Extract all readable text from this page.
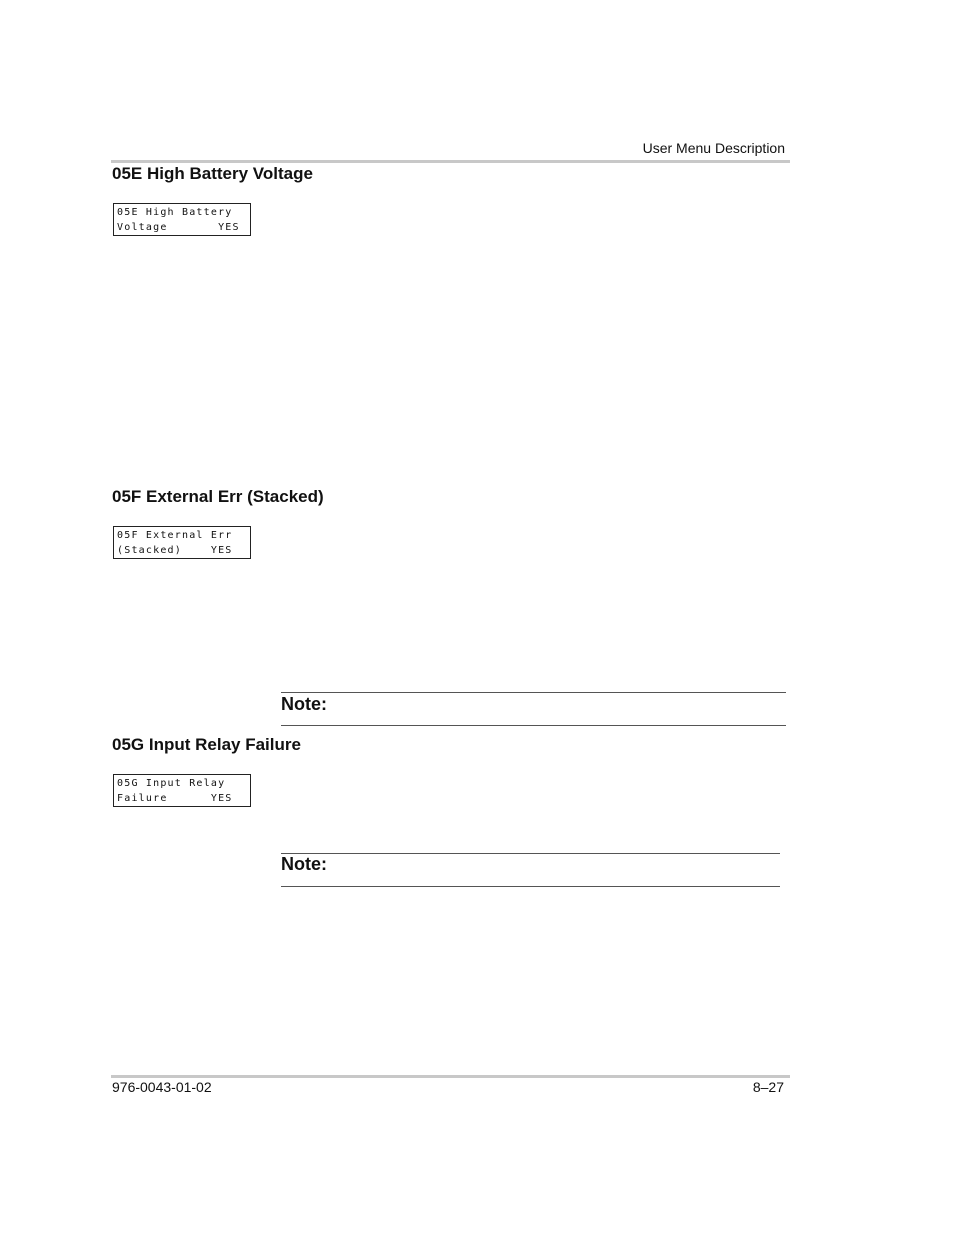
User Menu Description
05E High Battery Voltage
05E High Battery
Voltage       YES
05F External Err (Stacked)
05F External Err
(Stacked)    YES
Note:
05G Input Relay Failure
05G Input Relay
Failure      YES
Note:
976-0043-01-02	8–27
